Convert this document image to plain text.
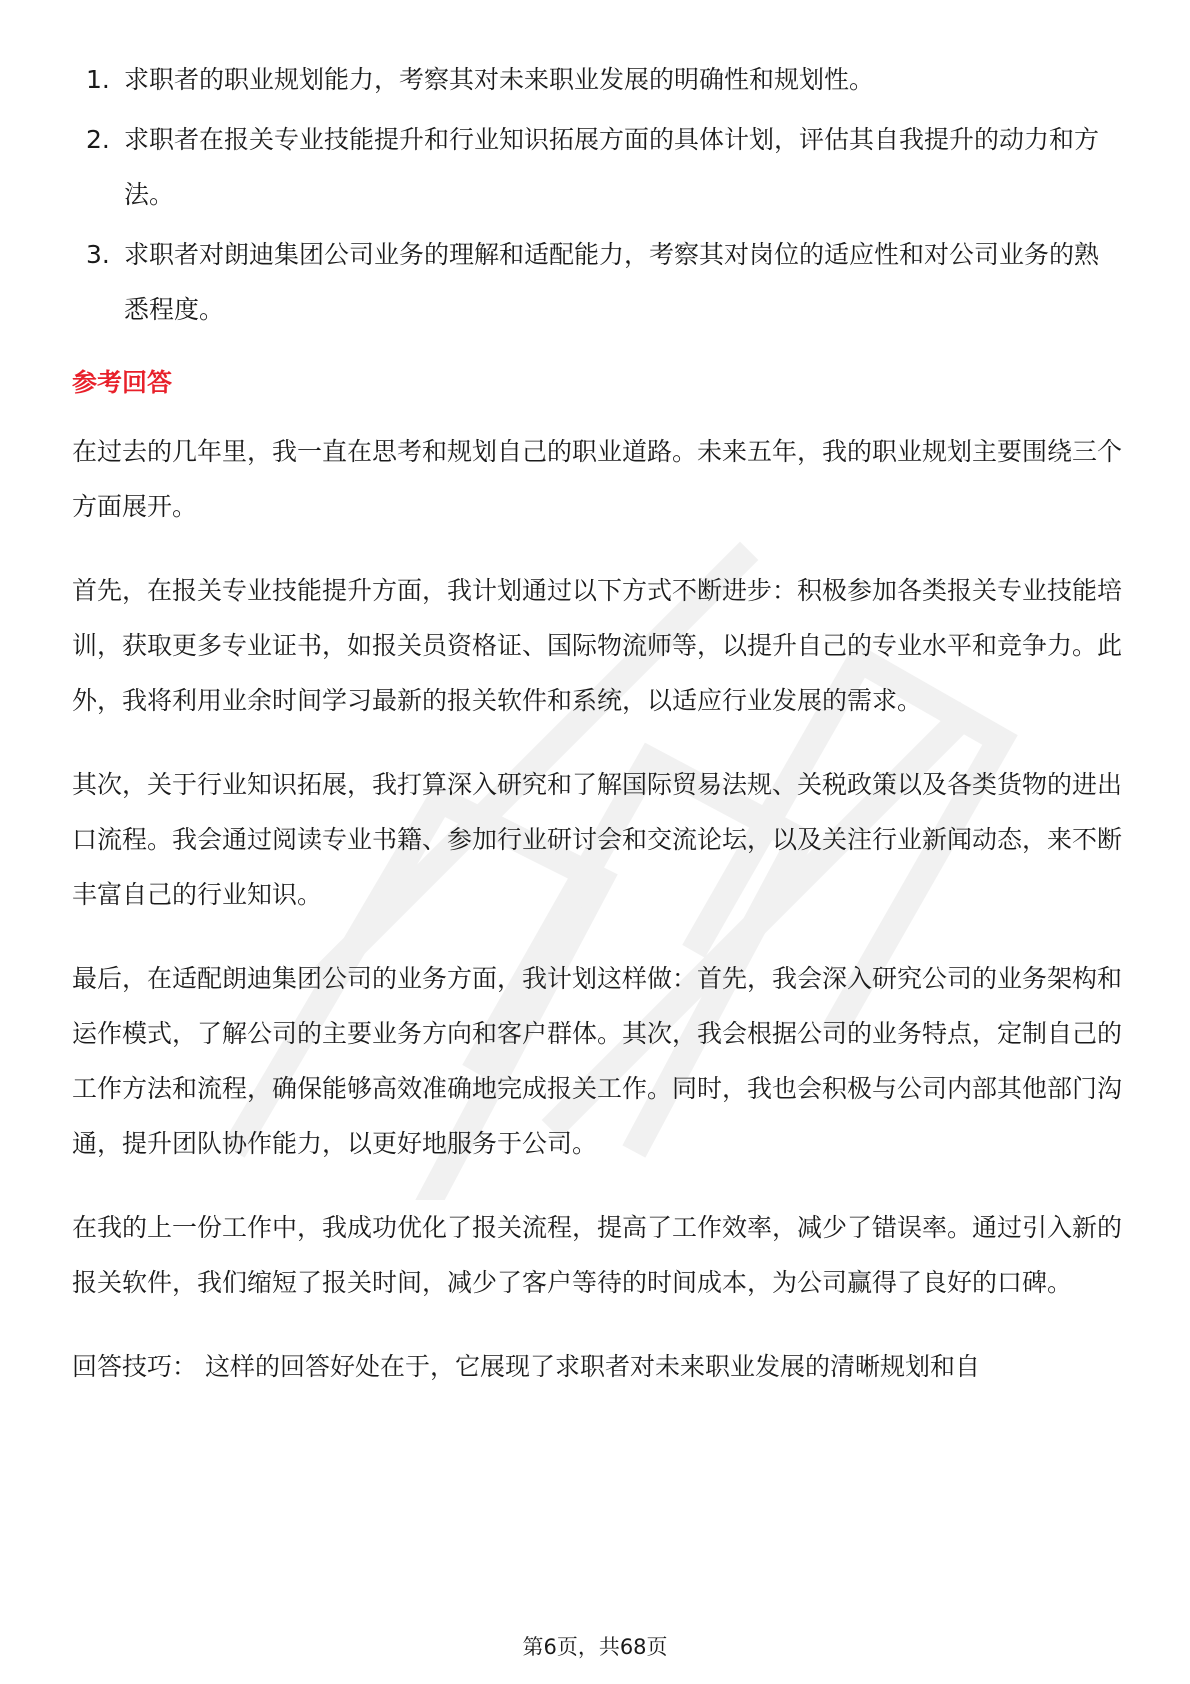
1. 求职者的职业规划能力，考察其对未来职业发展的明确性和规划性。
2. 求职者在报关专业技能提升和行业知识拓展方面的具体计划，评估其自我提升的动力和方法。
3. 求职者对朗迪集团公司业务的理解和适配能力，考察其对岗位的适应性和对公司业务的熟悉程度。
参考回答

在过去的几年里，我一直在思考和规划自己的职业道路。未来五年，我的职业规划主要围绕三个方面展开。

首先，在报关专业技能提升方面，我计划通过以下方式不断进步：积极参加各类报关专业技能培训，获取更多专业证书，如报关员资格证、国际物流师等，以提升自己的专业水平和竞争力。此外，我将利用业余时间学习最新的报关软件和系统，以适应行业发展的需求。

其次，关于行业知识拓展，我打算深入研究和了解国际贸易法规、关税政策以及各类货物的进出口流程。我会通过阅读专业书籍、参加行业研讨会和交流论坛，以及关注行业新闻动态，来不断丰富自己的行业知识。

最后，在适配朗迪集团公司的业务方面，我计划这样做：首先，我会深入研究公司的业务架构和运作模式，了解公司的主要业务方向和客户群体。其次，我会根据公司的业务特点，定制自己的工作方法和流程，确保能够高效准确地完成报关工作。同时，我也会积极与公司内部其他部门沟通，提升团队协作能力，以更好地服务于公司。

在我的上一份工作中，我成功优化了报关流程，提高了工作效率，减少了错误率。通过引入新的报关软件，我们缩短了报关时间，减少了客户等待的时间成本，为公司赢得了良好的口碑。

回答技巧： 这样的回答好处在于，它展现了求职者对未来职业发展的清晰规划和自

第6页，共68页
